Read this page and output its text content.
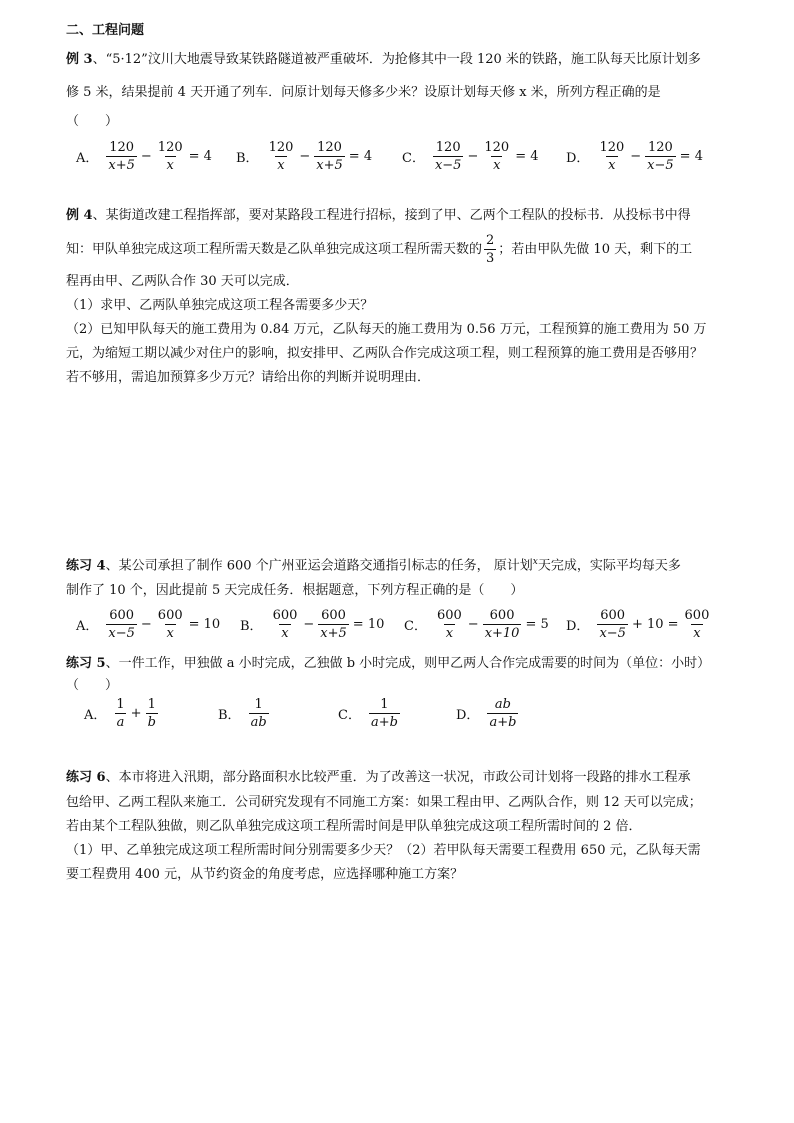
二、工程问题
例 3、“5·12”汶川大地震导致某铁路隧道被严重破坏．为抢修其中一段 120 米的铁路，施工队每天比原计划多
修 5 米，结果提前 4 天开通了列车．问原计划每天修多少米？设原计划每天修 x 米，所列方程正确的是
（　　）
A． $\frac{120}{x+5} - \frac{120}{x} = 4$ B． $\frac{120}{x} - \frac{120}{x+5} = 4$ C． $\frac{120}{x-5} - \frac{120}{x} = 4$ D． $\frac{120}{x} - \frac{120}{x-5} = 4$
例 4、某街道改建工程指挥部，要对某路段工程进行招标，接到了甲、乙两个工程队的投标书．从投标书中得
知：甲队单独完成这项工程所需天数是乙队单独完成这项工程所需天数的 $\frac{2}{3}$ ；若由甲队先做 10 天，剩下的工
程再由甲、乙两队合作 30 天可以完成．
（1）求甲、乙两队单独完成这项工程各需要多少天？
（2）已知甲队每天的施工费用为 0.84 万元，乙队每天的施工费用为 0.56 万元，工程预算的施工费用为 50 万
元，为缩短工期以减少对住户的影响，拟安排甲、乙两队合作完成这项工程，则工程预算的施工费用是否够用？
若不够用，需追加预算多少万元？请给出你的判断并说明理由．
练习 4、某公司承担了制作 600 个广州亚运会道路交通指引标志的任务， 原计划$^x$天完成，实际平均每天多
制作了 10 个，因此提前 5 天完成任务．根据题意，下列方程正确的是（　　）
A． $\frac{600}{x-5} - \frac{600}{x} = 10$ B． $\frac{600}{x} - \frac{600}{x+5} = 10$ C． $\frac{600}{x} - \frac{600}{x+10} = 5$ D． $\frac{600}{x-5} + 10 = \frac{600}{x}$
练习 5、一件工作，甲独做 a 小时完成，乙独做 b 小时完成，则甲乙两人合作完成需要的时间为（单位：小时）
（　　）
A． $\frac{1}{a} + \frac{1}{b}$	B． $\frac{1}{ab}$	C． $\frac{1}{a+b}$	D． $\frac{ab}{a+b}$
练习 6、本市将进入汛期，部分路面积水比较严重．为了改善这一状况，市政公司计划将一段路的排水工程承
包给甲、乙两工程队来施工．公司研究发现有不同施工方案：如果工程由甲、乙两队合作，则 12 天可以完成；
若由某个工程队独做，则乙队单独完成这项工程所需时间是甲队单独完成这项工程所需时间的 2 倍．
（1）甲、乙单独完成这项工程所需时间分别需要多少天？（2）若甲队每天需要工程费用 650 元，乙队每天需
要工程费用 400 元，从节约资金的角度考虑，应选择哪种施工方案？
